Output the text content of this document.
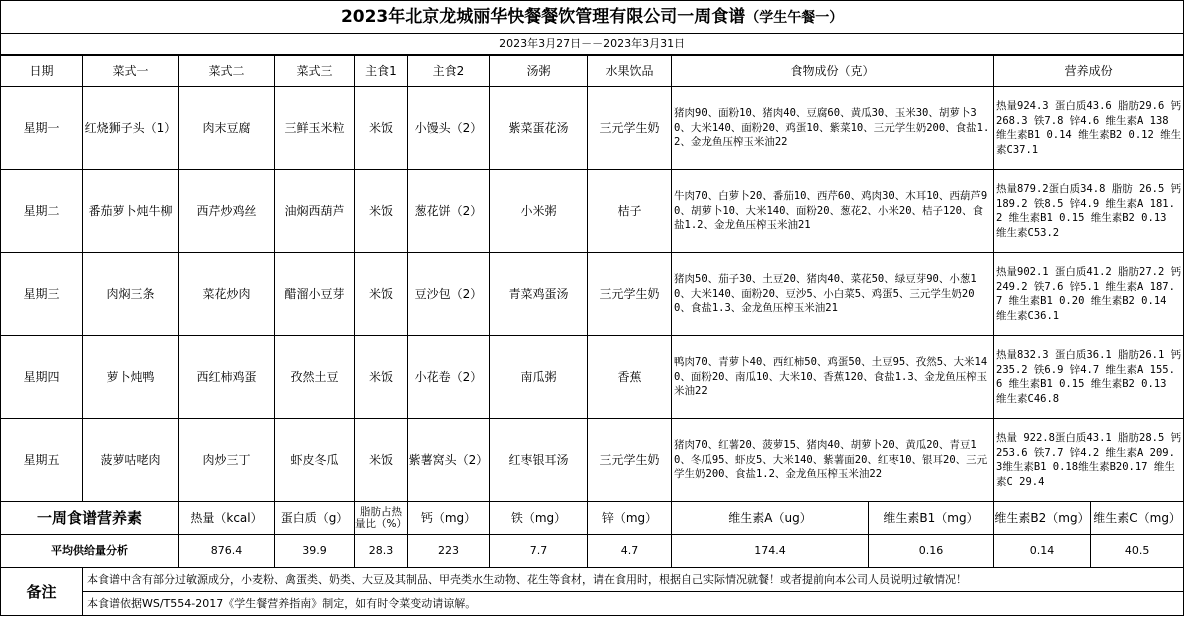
2023年北京龙城丽华快餐餐饮管理有限公司一周食谱（学生午餐一）											
2023年3月27日－－2023年3月31日											
日期	菜式一	菜式二	菜式三	主食1	主食2	汤粥	水果饮品	食物成份（克）		营养成份	
星期一	红烧狮子头（1）	肉末豆腐	三鲜玉米粒	米饭	小馒头（2）	紫菜蛋花汤	三元学生奶	猪肉90、面粉10、猪肉40、豆腐60、黄瓜30、玉米30、胡萝卜30、大米140、面粉20、鸡蛋10、紫菜10、三元学生奶200、食盐1.2、金龙鱼压榨玉米油22		热量924.3 蛋白质43.6 脂肪29.6 钙 268.3 铁7.8 锌4.6 维生素A 138 维生素B1 0.14 维生素B2 0.12 维生素C37.1	
星期二	番茄萝卜炖牛柳	西芹炒鸡丝	油焖西葫芦	米饭	葱花饼（2）	小米粥	桔子	牛肉70、白萝卜20、番茄10、西芹60、鸡肉30、木耳10、西葫芦90、胡萝卜10、大米140、面粉20、葱花2、小米20、桔子120、食盐1.2、金龙鱼压榨玉米油21		热量879.2蛋白质34.8 脂肪 26.5 钙 189.2 铁8.5 锌4.9 维生素A 181.2 维生素B1 0.15 维生素B2 0.13 维生素C53.2	
星期三	肉焖三条	菜花炒肉	醋溜小豆芽	米饭	豆沙包（2）	青菜鸡蛋汤	三元学生奶	猪肉50、茄子30、土豆20、猪肉40、菜花50、绿豆芽90、小葱10、大米140、面粉20、豆沙5、小白菜5、鸡蛋5、三元学生奶200、食盐1.3、金龙鱼压榨玉米油21		热量902.1 蛋白质41.2 脂肪27.2 钙 249.2 铁7.6 锌5.1 维生素A 187.7 维生素B1 0.20 维生素B2 0.14 维生素C36.1	
星期四	萝卜炖鸭	西红柿鸡蛋	孜然土豆	米饭	小花卷（2）	南瓜粥	香蕉	鸭肉70、青萝卜40、西红柿50、鸡蛋50、土豆95、孜然5、大米140、面粉20、南瓜10、大米10、香蕉120、食盐1.3、金龙鱼压榨玉米油22		热量832.3 蛋白质36.1 脂肪26.1 钙 235.2 铁6.9 锌4.7 维生素A 155.6 维生素B1 0.15 维生素B2 0.13 维生素C46.8	
星期五	菠萝咕咾肉	肉炒三丁	虾皮冬瓜	米饭	紫薯窝头（2）	红枣银耳汤	三元学生奶	猪肉70、红薯20、菠萝15、猪肉40、胡萝卜20、黄瓜20、青豆10、冬瓜95、虾皮5、大米140、紫薯面20、红枣10、银耳20、三元学生奶200、食盐1.2、金龙鱼压榨玉米油22		热量 922.8蛋白质43.1 脂肪28.5 钙253.6 铁7.7 锌4.2 维生素A 209.3维生素B1 0.18维生素B20.17 维生素C 29.4	
一周食谱营养素		热量（kcal）	蛋白质（g）	脂肪占热量比（%）	钙（mg）	铁（mg）	锌（mg）	维生素A（ug）	维生素B1（mg）	维生素B2（mg）	维生素C（mg）
平均供给量分析		876.4	39.9	28.3	223	7.7	4.7	174.4	0.16	0.14	40.5
备注	本食谱中含有部分过敏源成分，小麦粉、禽蛋类、奶类、大豆及其制品、甲壳类水生动物、花生等食材，请在食用时，根据自己实际情况就餐！或者提前向本公司人员说明过敏情况！										
	本食谱依据WS/T554-2017《学生餐营养指南》制定，如有时令菜变动请谅解。										
